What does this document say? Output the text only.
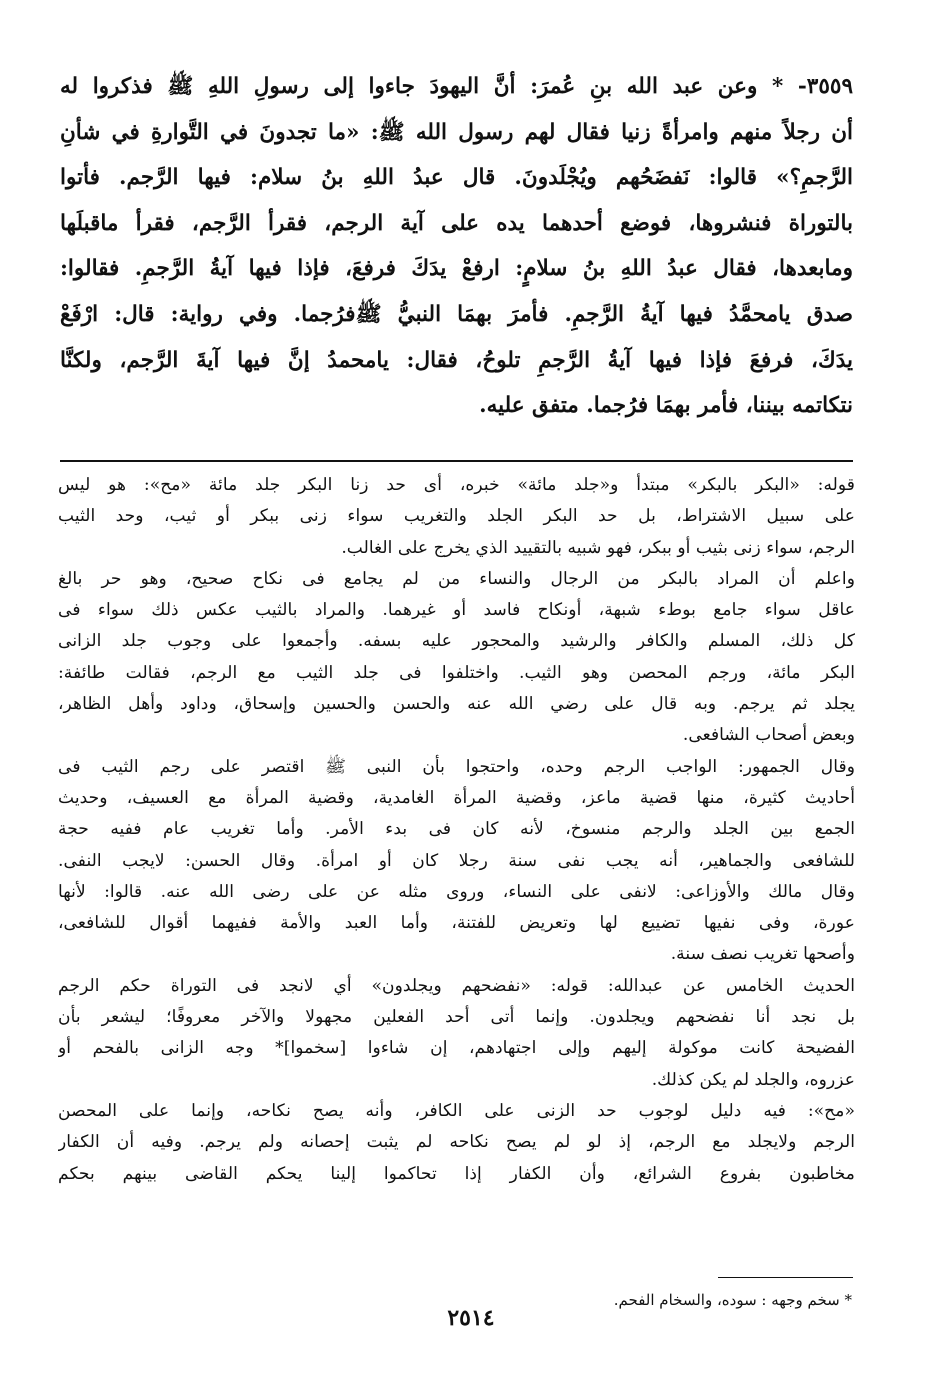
٣٥٥٩- * وعن عبد الله بنِ عُمرَ: أنَّ اليهودَ جاءوا إلى رسولِ اللهِ ﷺ فذكروا له
أن رجلاً منهم وامرأةً زنيا فقال لهم رسول الله ﷺ: «ما تجدونَ في التَّوارةِ في شأنِ
الرَّجمِ؟» قالوا: نَفضَحُهم ويُجْلَدونَ. قال عبدُ اللهِ بنُ سلام: فيها الرَّجم. فأتوا
بالتوراة فنشروها، فوضع أحدهما يده على آية الرجم، فقرأ الرَّجم، فقرأ ماقبلَها
ومابعدها، فقال عبدُ اللهِ بنُ سلامٍ: ارفعْ يدَكَ فرفعَ، فإذا فيها آيةُ الرَّجمِ. فقالوا:
صدق يامحمَّدُ فيها آيةُ الرَّجمِ. فأمرَ بهمَا النبيُّ ﷺفرُجما. وفي رواية: قال: ارْفَعْ
يدَكَ، فرفعَ فإذا فيها آيةُ الرَّجمِ تلوحُ، فقال: يامحمدُ إنَّ فيها آيةَ الرَّجم، ولكنَّا
نتكاتمه بيننا، فأمر بهمَا فرُجما. متفق عليه.
قوله: «البكر بالبكر» مبتدأ و«جلد مائة» خبره، أى حد زنا البكر جلد مائة «مح»: هو ليس
على سبيل الاشتراط، بل حد البكر الجلد والتغريب سواء زنى ببكر أو ثيب، وحد الثيب
الرجم، سواء زنى بثيب أو ببكر، فهو شبيه بالتقييد الذي يخرج على الغالب.
واعلم أن المراد بالبكر من الرجال والنساء من لم يجامع فى نكاح صحيح، وهو حر بالغ
عاقل سواء جامع بوطء شبهة، أونكاح فاسد أو غيرهما. والمراد بالثيب عكس ذلك سواء فى
كل ذلك، المسلم والكافر والرشيد والمحجور عليه بسفه. وأجمعوا على وجوب جلد الزانى
البكر مائة، ورجم المحصن وهو الثيب. واختلفوا فى جلد الثيب مع الرجم، فقالت طائفة:
يجلد ثم يرجم. وبه قال على رضي الله عنه والحسن والحسين وإسحاق، وداود وأهل الظاهر،
وبعض أصحاب الشافعى.
وقال الجمهور: الواجب الرجم وحده، واحتجوا بأن النبى ﷺ اقتصر على رجم الثيب فى
أحاديث كثيرة، منها قضية ماعز، وقضية المرأة الغامدية، وقضية المرأة مع العسيف، وحديث
الجمع بين الجلد والرجم منسوخ، لأنه كان فى بدء الأمر. وأما تغريب عام ففيه حجة
للشافعى والجماهير، أنه يجب نفى سنة رجلا كان أو امرأة. وقال الحسن: لايجب النفى.
وقال مالك والأوزاعى: لانفى على النساء، وروى مثله عن على رضى الله عنه. قالوا: لأنها
عورة، وفى نفيها تضييع لها وتعريض للفتنة، وأما العبد والأمة ففيهما أقوال للشافعى،
وأصحها تغريب نصف سنة.
الحديث الخامس عن عبدالله: قوله: «نفضحهم ويجلدون» أي لانجد فى التوراة حكم الرجم
بل نجد أنا نفضحهم ويجلدون. وإنما أتى أحد الفعلين مجهولا والآخر معروفًا؛ ليشعر بأن
الفضيحة كانت موكولة إليهم وإلى اجتهادهم، إن شاءوا [سخموا]* وجه الزانى بالفحم أو
عزروه، والجلد لم يكن كذلك.
«مح»: فيه دليل لوجوب حد الزنى على الكافر، وأنه يصح نكاحه، وإنما على المحصن
الرجم ولايجلد مع الرجم، إذ لو لم يصح نكاحه لم يثبت إحصانه ولم يرجم. وفيه أن الكفار
مخاطبون بفروع الشرائع، وأن الكفار إذا تحاكموا إلينا يحكم القاضى بينهم بحكم
* سخم وجهه : سوده، والسخام الفحم.
٢٥١٤
